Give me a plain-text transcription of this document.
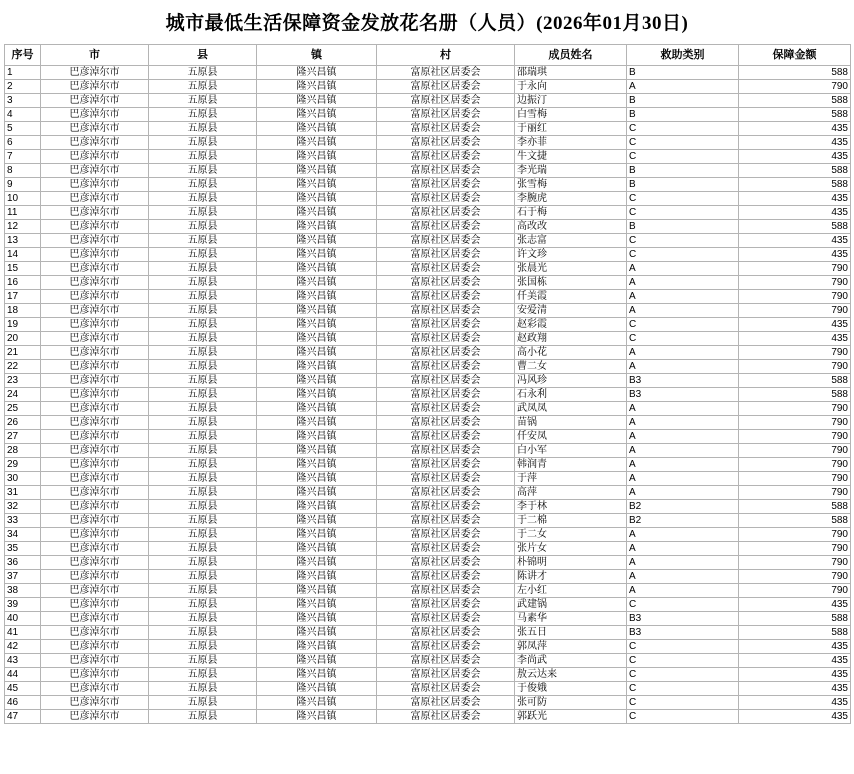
城市最低生活保障资金发放花名册（人员）(2026年01月30日)
序号	市	县	镇	村	成员姓名	救助类别	保障金额
1	巴彦淖尔市	五原县	隆兴昌镇	富原社区居委会	邵瑞琪	B	588
2	巴彦淖尔市	五原县	隆兴昌镇	富原社区居委会	于永向	A	790
3	巴彦淖尔市	五原县	隆兴昌镇	富原社区居委会	边振汀	B	588
4	巴彦淖尔市	五原县	隆兴昌镇	富原社区居委会	白雪梅	B	588
5	巴彦淖尔市	五原县	隆兴昌镇	富原社区居委会	于丽红	C	435
6	巴彦淖尔市	五原县	隆兴昌镇	富原社区居委会	李亦菲	C	435
7	巴彦淖尔市	五原县	隆兴昌镇	富原社区居委会	牛文捷	C	435
8	巴彦淖尔市	五原县	隆兴昌镇	富原社区居委会	李光瑞	B	588
9	巴彦淖尔市	五原县	隆兴昌镇	富原社区居委会	张雪梅	B	588
10	巴彦淖尔市	五原县	隆兴昌镇	富原社区居委会	李腕虎	C	435
11	巴彦淖尔市	五原县	隆兴昌镇	富原社区居委会	石于梅	C	435
12	巴彦淖尔市	五原县	隆兴昌镇	富原社区居委会	高改改	B	588
13	巴彦淖尔市	五原县	隆兴昌镇	富原社区居委会	张志富	C	435
14	巴彦淖尔市	五原县	隆兴昌镇	富原社区居委会	许文珍	C	435
15	巴彦淖尔市	五原县	隆兴昌镇	富原社区居委会	张晨光	A	790
16	巴彦淖尔市	五原县	隆兴昌镇	富原社区居委会	张国栋	A	790
17	巴彦淖尔市	五原县	隆兴昌镇	富原社区居委会	仟美霞	A	790
18	巴彦淖尔市	五原县	隆兴昌镇	富原社区居委会	安爱清	A	790
19	巴彦淖尔市	五原县	隆兴昌镇	富原社区居委会	赵彩霞	C	435
20	巴彦淖尔市	五原县	隆兴昌镇	富原社区居委会	赵政翔	C	435
21	巴彦淖尔市	五原县	隆兴昌镇	富原社区居委会	高小花	A	790
22	巴彦淖尔市	五原县	隆兴昌镇	富原社区居委会	曹二女	A	790
23	巴彦淖尔市	五原县	隆兴昌镇	富原社区居委会	冯风珍	B3	588
24	巴彦淖尔市	五原县	隆兴昌镇	富原社区居委会	石永利	B3	588
25	巴彦淖尔市	五原县	隆兴昌镇	富原社区居委会	武凤凤	A	790
26	巴彦淖尔市	五原县	隆兴昌镇	富原社区居委会	苗锅	A	790
27	巴彦淖尔市	五原县	隆兴昌镇	富原社区居委会	仟安凤	A	790
28	巴彦淖尔市	五原县	隆兴昌镇	富原社区居委会	白小军	A	790
29	巴彦淖尔市	五原县	隆兴昌镇	富原社区居委会	韩润青	A	790
30	巴彦淖尔市	五原县	隆兴昌镇	富原社区居委会	于萍	A	790
31	巴彦淖尔市	五原县	隆兴昌镇	富原社区居委会	高萍	A	790
32	巴彦淖尔市	五原县	隆兴昌镇	富原社区居委会	李于林	B2	588
33	巴彦淖尔市	五原县	隆兴昌镇	富原社区居委会	于二棉	B2	588
34	巴彦淖尔市	五原县	隆兴昌镇	富原社区居委会	于二女	A	790
35	巴彦淖尔市	五原县	隆兴昌镇	富原社区居委会	张片女	A	790
36	巴彦淖尔市	五原县	隆兴昌镇	富原社区居委会	朴锦明	A	790
37	巴彦淖尔市	五原县	隆兴昌镇	富原社区居委会	陈讲才	A	790
38	巴彦淖尔市	五原县	隆兴昌镇	富原社区居委会	左小红	A	790
39	巴彦淖尔市	五原县	隆兴昌镇	富原社区居委会	武建锅	C	435
40	巴彦淖尔市	五原县	隆兴昌镇	富原社区居委会	马素华	B3	588
41	巴彦淖尔市	五原县	隆兴昌镇	富原社区居委会	张五日	B3	588
42	巴彦淖尔市	五原县	隆兴昌镇	富原社区居委会	郭凤萍	C	435
43	巴彦淖尔市	五原县	隆兴昌镇	富原社区居委会	李尚武	C	435
44	巴彦淖尔市	五原县	隆兴昌镇	富原社区居委会	敖云达来	C	435
45	巴彦淖尔市	五原县	隆兴昌镇	富原社区居委会	于俊娥	C	435
46	巴彦淖尔市	五原县	隆兴昌镇	富原社区居委会	张可防	C	435
47	巴彦淖尔市	五原县	隆兴昌镇	富原社区居委会	郭跃光	C	435
